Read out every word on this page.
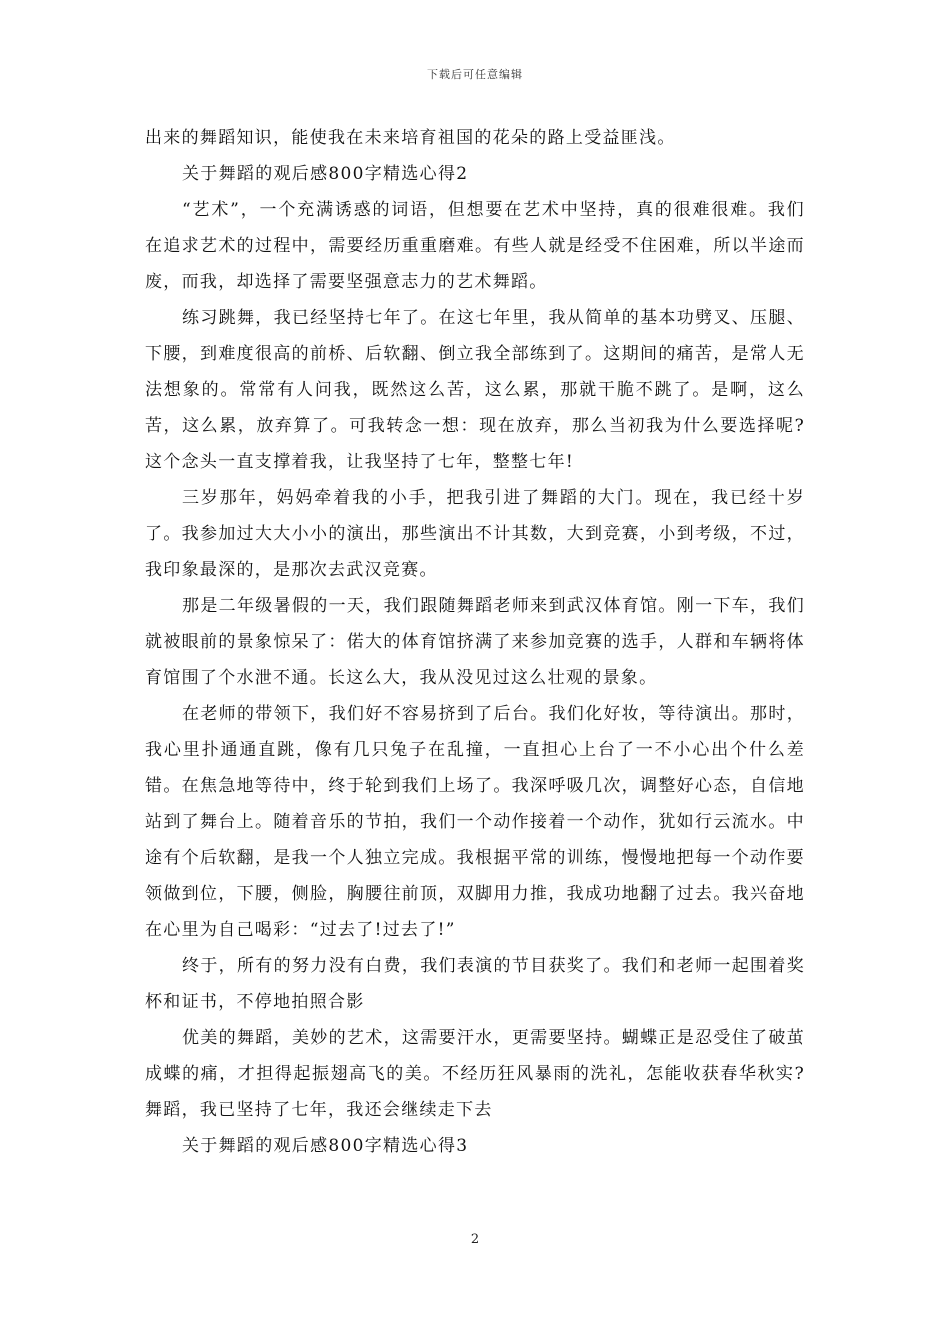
下载后可任意编辑

出来的舞蹈知识，能使我在未来培育祖国的花朵的路上受益匪浅。

关于舞蹈的观后感800字精选心得2

“艺术”，一个充满诱惑的词语，但想要在艺术中坚持，真的很难很难。我们在追求艺术的过程中，需要经历重重磨难。有些人就是经受不住困难，所以半途而废，而我，却选择了需要坚强意志力的艺术舞蹈。

练习跳舞，我已经坚持七年了。在这七年里，我从简单的基本功劈叉、压腿、下腰，到难度很高的前桥、后软翻、倒立我全部练到了。这期间的痛苦，是常人无法想象的。常常有人问我，既然这么苦，这么累，那就干脆不跳了。是啊，这么苦，这么累，放弃算了。可我转念一想：现在放弃，那么当初我为什么要选择呢?这个念头一直支撑着我，让我坚持了七年，整整七年!

三岁那年，妈妈牵着我的小手，把我引进了舞蹈的大门。现在，我已经十岁了。我参加过大大小小的演出，那些演出不计其数，大到竞赛，小到考级，不过，我印象最深的，是那次去武汉竞赛。

那是二年级暑假的一天，我们跟随舞蹈老师来到武汉体育馆。刚一下车，我们就被眼前的景象惊呆了：偌大的体育馆挤满了来参加竞赛的选手，人群和车辆将体育馆围了个水泄不通。长这么大，我从没见过这么壮观的景象。

在老师的带领下，我们好不容易挤到了后台。我们化好妆，等待演出。那时，我心里扑通通直跳，像有几只兔子在乱撞，一直担心上台了一不小心出个什么差错。在焦急地等待中，终于轮到我们上场了。我深呼吸几次，调整好心态，自信地站到了舞台上。随着音乐的节拍，我们一个动作接着一个动作，犹如行云流水。中途有个后软翻，是我一个人独立完成。我根据平常的训练，慢慢地把每一个动作要领做到位，下腰，侧脸，胸腰往前顶，双脚用力推，我成功地翻了过去。我兴奋地在心里为自己喝彩：“过去了!过去了!”

终于，所有的努力没有白费，我们表演的节目获奖了。我们和老师一起围着奖杯和证书，不停地拍照合影

优美的舞蹈，美妙的艺术，这需要汗水，更需要坚持。蝴蝶正是忍受住了破茧成蝶的痛，才担得起振翅高飞的美。不经历狂风暴雨的洗礼，怎能收获春华秋实?舞蹈，我已坚持了七年，我还会继续走下去

关于舞蹈的观后感800字精选心得3

2
